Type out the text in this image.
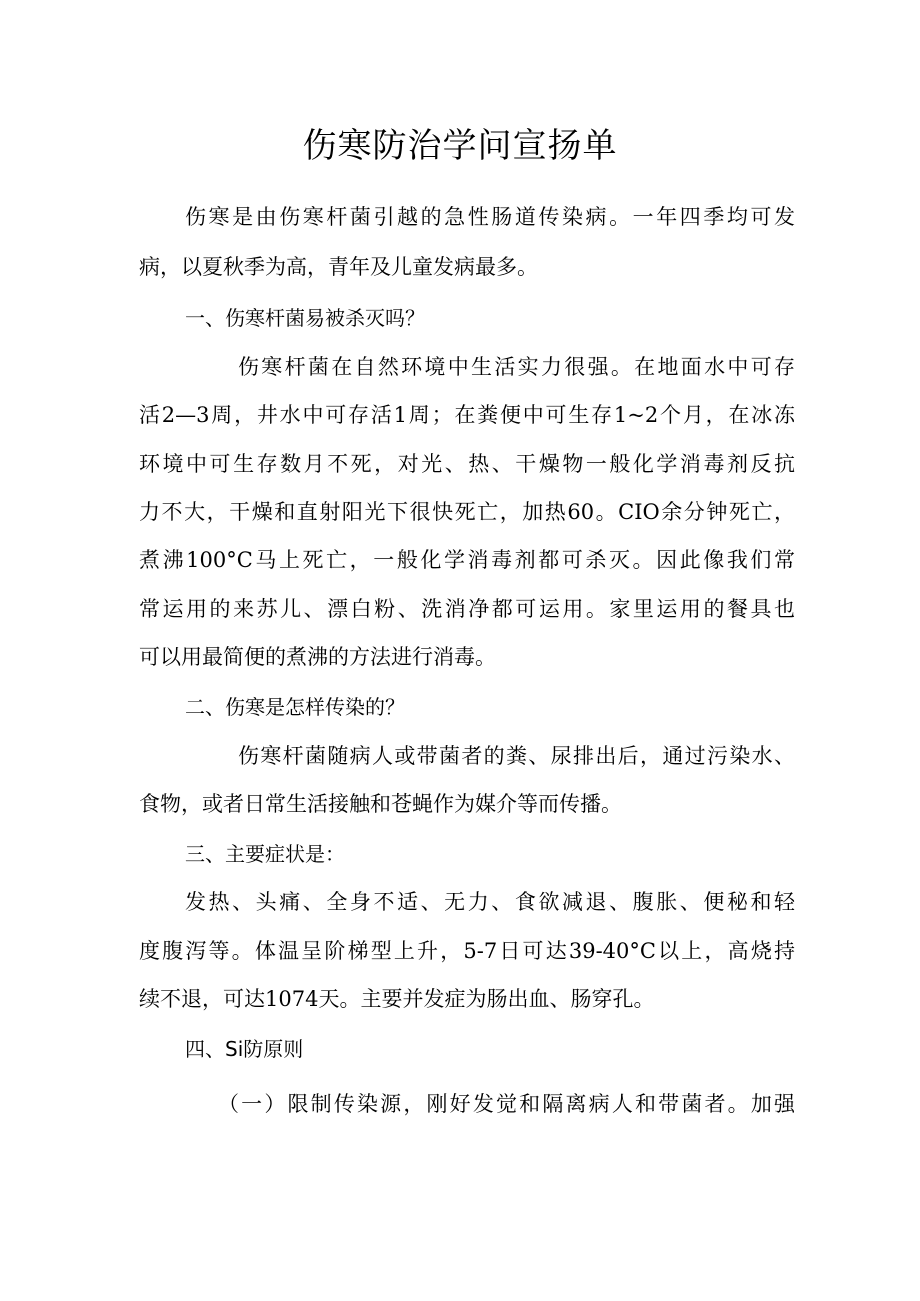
伤寒防治学问宣扬单
伤寒是由伤寒杆菌引越的急性肠道传染病。一年四季均可发
病，以夏秋季为高，青年及儿童发病最多。
一、伤寒杆菌易被杀灭吗？
伤寒杆菌在自然环境中生活实力很强。在地面水中可存
活2—3周，井水中可存活1周；在粪便中可生存1~2个月，在冰冻
环境中可生存数月不死，对光、热、干燥物一般化学消毒剂反抗
力不大，干燥和直射阳光下很快死亡，加热60。CIO余分钟死亡，
煮沸100°C马上死亡，一般化学消毒剂都可杀灭。因此像我们常
常运用的来苏儿、漂白粉、洗消净都可运用。家里运用的餐具也
可以用最简便的煮沸的方法进行消毒。
二、伤寒是怎样传染的？
伤寒杆菌随病人或带菌者的粪、尿排出后，通过污染水、
食物，或者日常生活接触和苍蝇作为媒介等而传播。
三、主要症状是：
发热、头痛、全身不适、无力、食欲减退、腹胀、便秘和轻
度腹泻等。体温呈阶梯型上升，5-7日可达39-40°C以上，高烧持
续不退，可达1074天。主要并发症为肠出血、肠穿孔。
四、Si防原则
（一）限制传染源，刚好发觉和隔离病人和带菌者。加强
